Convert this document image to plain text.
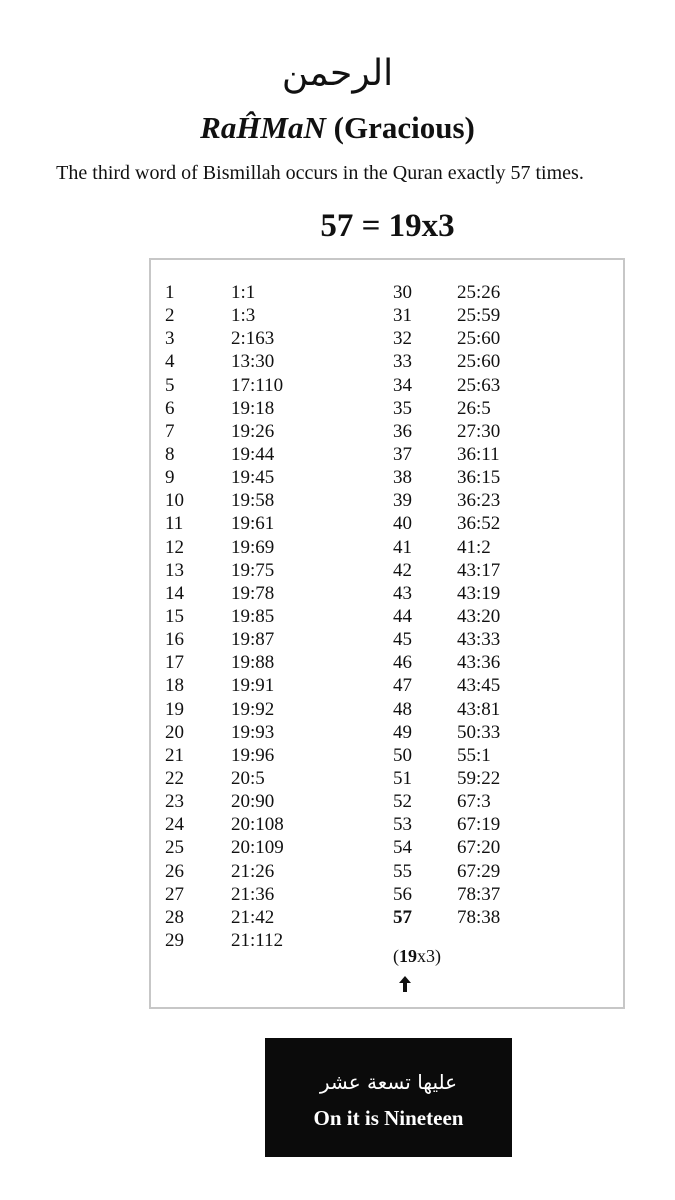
الرحمن
RaĤMaN (Gracious)
The third word of Bismillah occurs in the Quran exactly 57 times.
57 = 19x3
1	1:1
2	1:3
3	2:163
4	13:30
5	17:110
6	19:18
7	19:26
8	19:44
9	19:45
10 19:58
11	19:61
12 19:69
13 19:75
14 19:78
15 19:85
16 19:87
17 19:88
18 19:91
19 19:92
20 19:93
21 19:96
22 20:5
23 20:90
24 20:108
25 20:109
26 21:26
27 21:36
28 21:42
29 21:112
30 25:26
31 25:59
32 25:60
33 25:60
34 25:63
35 26:5
36 27:30
37 36:11
38 36:15
39 36:23
40 36:52
41 41:2
42 43:17
43 43:19
44 43:20
45 43:33
46 43:36
47 43:45
48 43:81
49 50:33
50 55:1
51 59:22
52 67:3
53 67:19
54 67:20
55 67:29
56 78:37
57 78:38
(19x3)
عليها تسعة عشر
On it is Nineteen
